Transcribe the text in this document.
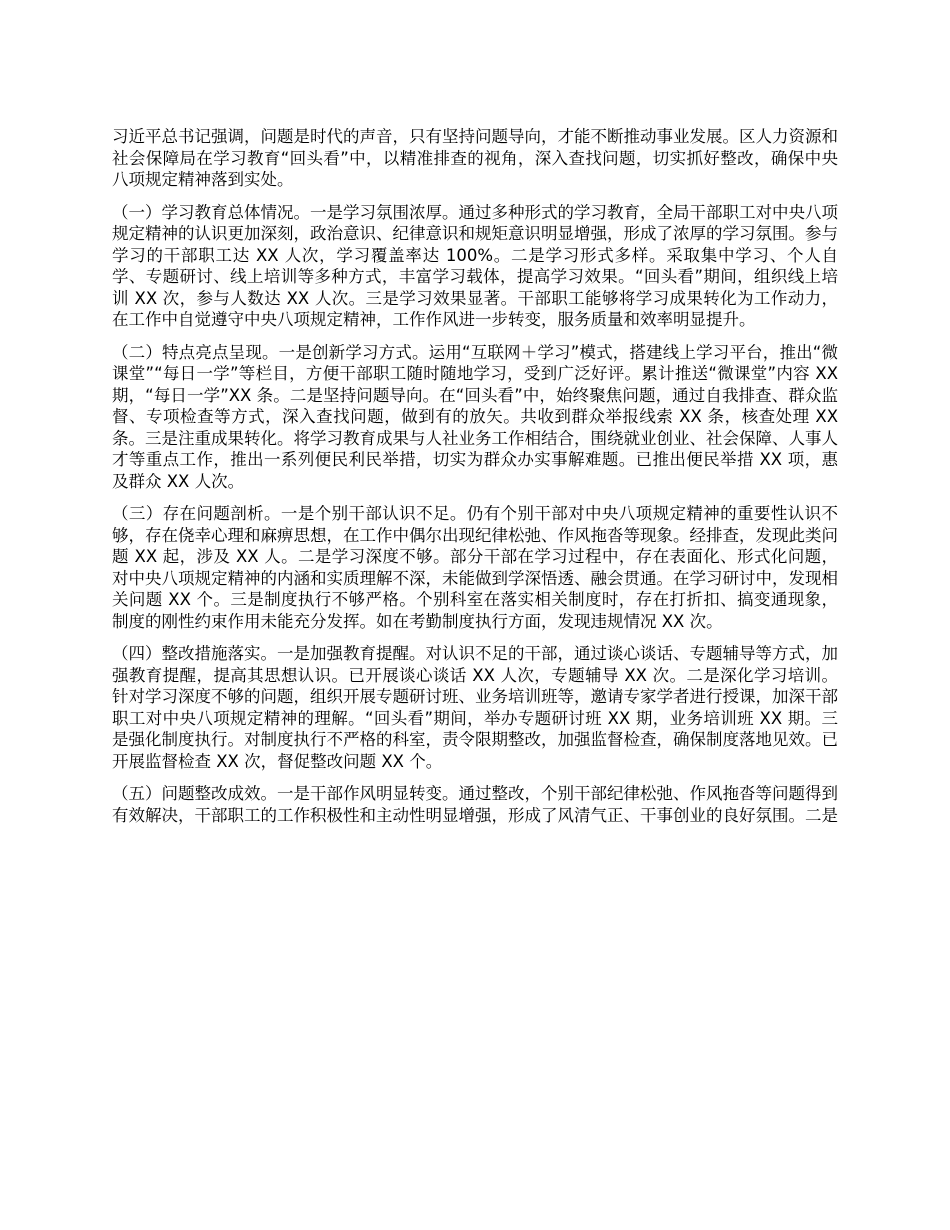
习近平总书记强调，问题是时代的声音，只有坚持问题导向，才能不断推动事业发展。区人力资源和社会保障局在学习教育“回头看”中，以精准排查的视角，深入查找问题，切实抓好整改，确保中央八项规定精神落到实处。

（一）学习教育总体情况。一是学习氛围浓厚。通过多种形式的学习教育，全局干部职工对中央八项规定精神的认识更加深刻，政治意识、纪律意识和规矩意识明显增强，形成了浓厚的学习氛围。参与学习的干部职工达 XX 人次，学习覆盖率达 100%。二是学习形式多样。采取集中学习、个人自学、专题研讨、线上培训等多种方式，丰富学习载体，提高学习效果。“回头看”期间，组织线上培训 XX 次，参与人数达 XX 人次。三是学习效果显著。干部职工能够将学习成果转化为工作动力，在工作中自觉遵守中央八项规定精神，工作作风进一步转变，服务质量和效率明显提升。

（二）特点亮点呈现。一是创新学习方式。运用“互联网＋学习”模式，搭建线上学习平台，推出“微课堂”“每日一学”等栏目，方便干部职工随时随地学习，受到广泛好评。累计推送“微课堂”内容 XX 期，“每日一学”XX 条。二是坚持问题导向。在“回头看”中，始终聚焦问题，通过自我排查、群众监督、专项检查等方式，深入查找问题，做到有的放矢。共收到群众举报线索 XX 条，核查处理 XX 条。三是注重成果转化。将学习教育成果与人社业务工作相结合，围绕就业创业、社会保障、人事人才等重点工作，推出一系列便民利民举措，切实为群众办实事解难题。已推出便民举措 XX 项，惠及群众 XX 人次。

（三）存在问题剖析。一是个别干部认识不足。仍有个别干部对中央八项规定精神的重要性认识不够，存在侥幸心理和麻痹思想，在工作中偶尔出现纪律松弛、作风拖沓等现象。经排查，发现此类问题 XX 起，涉及 XX 人。二是学习深度不够。部分干部在学习过程中，存在表面化、形式化问题，对中央八项规定精神的内涵和实质理解不深，未能做到学深悟透、融会贯通。在学习研讨中，发现相关问题 XX 个。三是制度执行不够严格。个别科室在落实相关制度时，存在打折扣、搞变通现象，制度的刚性约束作用未能充分发挥。如在考勤制度执行方面，发现违规情况 XX 次。

（四）整改措施落实。一是加强教育提醒。对认识不足的干部，通过谈心谈话、专题辅导等方式，加强教育提醒，提高其思想认识。已开展谈心谈话 XX 人次，专题辅导 XX 次。二是深化学习培训。针对学习深度不够的问题，组织开展专题研讨班、业务培训班等，邀请专家学者进行授课，加深干部职工对中央八项规定精神的理解。“回头看”期间，举办专题研讨班 XX 期，业务培训班 XX 期。三是强化制度执行。对制度执行不严格的科室，责令限期整改，加强监督检查，确保制度落地见效。已开展监督检查 XX 次，督促整改问题 XX 个。

（五）问题整改成效。一是干部作风明显转变。通过整改，个别干部纪律松弛、作风拖沓等问题得到有效解决，干部职工的工作积极性和主动性明显增强，形成了风清气正、干事创业的良好氛围。二是
